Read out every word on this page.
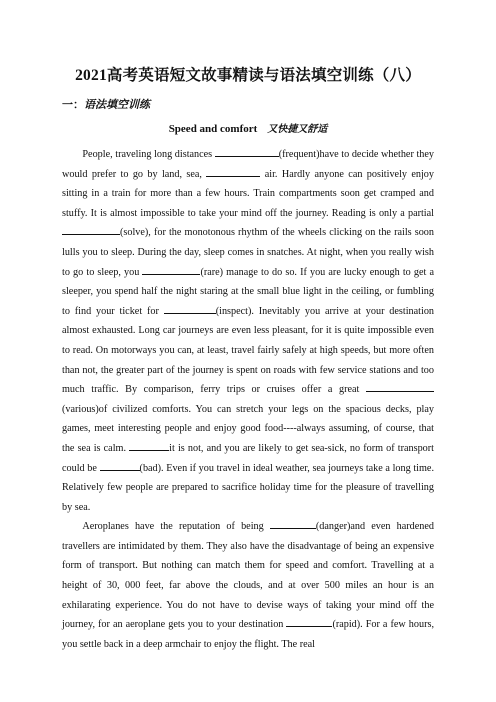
2021高考英语短文故事精读与语法填空训练（八）
一：语法填空训练
Speed and comfort 又快捷又舒适

People, traveling long distances	(frequent)have to decide whether they would prefer to go by land, sea,	air. Hardly anyone can positively enjoy sitting in a train for more than a few hours. Train compartments soon get cramped and stuffy. It is almost impossible to take your mind off the journey. Reading is only a partial(solve), for the monotonous rhythm of the wheels clicking on the rails soon lulls you to sleep. During the day, sleep comes in snatches. At night, when you really wish to go to sleep, you	(rare) manage to do so. If you are lucky enough to get a sleeper, you spend half the night staring at the small blue light in the ceiling, or fumbling to find your ticket for	(inspect). Inevitably you arrive at your destination almost exhausted. Long car journeys are even less pleasant, for it is quite impossible even to read. On motorways you can, at least, travel fairly safely at high speeds, but more often than not, the greater part of the journey is spent on roads with few service stations and too much traffic. By comparison, ferry trips or cruises offer a great (various)of civilized comforts. You can stretch your legs on the spacious decks, play games, meet interesting people and enjoy good food----always assuming, of course, that the sea is calm.	it is not, and you are likely to get sea-sick, no form of transport could be	(bad). Even if you travel in ideal weather, sea journeys take a long time. Relatively few people are prepared to sacrifice holiday time for the pleasure of travelling by sea.

Aeroplanes have the reputation of being	(danger)and even hardened travellers are intimidated by them. They also have the disadvantage of being an expensive form of transport. But nothing can match them for speed and comfort. Travelling at a height of 30, 000 feet, far above the clouds, and at over 500 miles an hour is an exhilarating experience. You do not have to devise ways of taking your mind off the journey, for an aeroplane gets you to your destination	(rapid). For a few hours, you settle back in a deep armchair to enjoy the flight. The real
